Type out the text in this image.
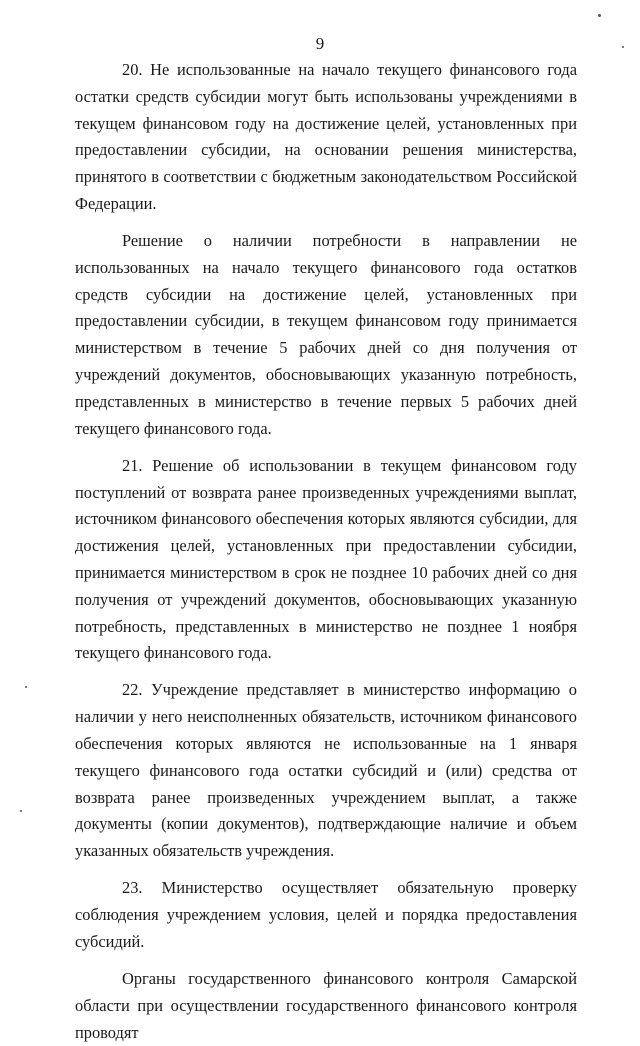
9

20. Не использованные на начало текущего финансового года остатки средств субсидии могут быть использованы учреждениями в текущем финансовом году на достижение целей, установленных при предоставлении субсидии, на основании решения министерства, принятого в соответствии с бюджетным законодательством Российской Федерации.

Решение о наличии потребности в направлении не использованных на начало текущего финансового года остатков средств субсидии на достижение целей, установленных при предоставлении субсидии, в текущем финансовом году принимается министерством в течение 5 рабочих дней со дня получения от учреждений документов, обосновывающих указанную потребность, представленных в министерство в течение первых 5 рабочих дней текущего финансового года.

21. Решение об использовании в текущем финансовом году поступлений от возврата ранее произведенных учреждениями выплат, источником финансового обеспечения которых являются субсидии, для достижения целей, установленных при предоставлении субсидии, принимается министерством в срок не позднее 10 рабочих дней со дня получения от учреждений документов, обосновывающих указанную потребность, представленных в министерство не позднее 1 ноября текущего финансового года.

22. Учреждение представляет в министерство информацию о наличии у него неисполненных обязательств, источником финансового обеспечения которых являются не использованные на 1 января текущего финансового года остатки субсидий и (или) средства от возврата ранее произведенных учреждением выплат, а также документы (копии документов), подтверждающие наличие и объем указанных обязательств учреждения.

23. Министерство осуществляет обязательную проверку соблюдения учреждением условия, целей и порядка предоставления субсидий.

Органы государственного финансового контроля Самарской области при осуществлении государственного финансового контроля проводят
